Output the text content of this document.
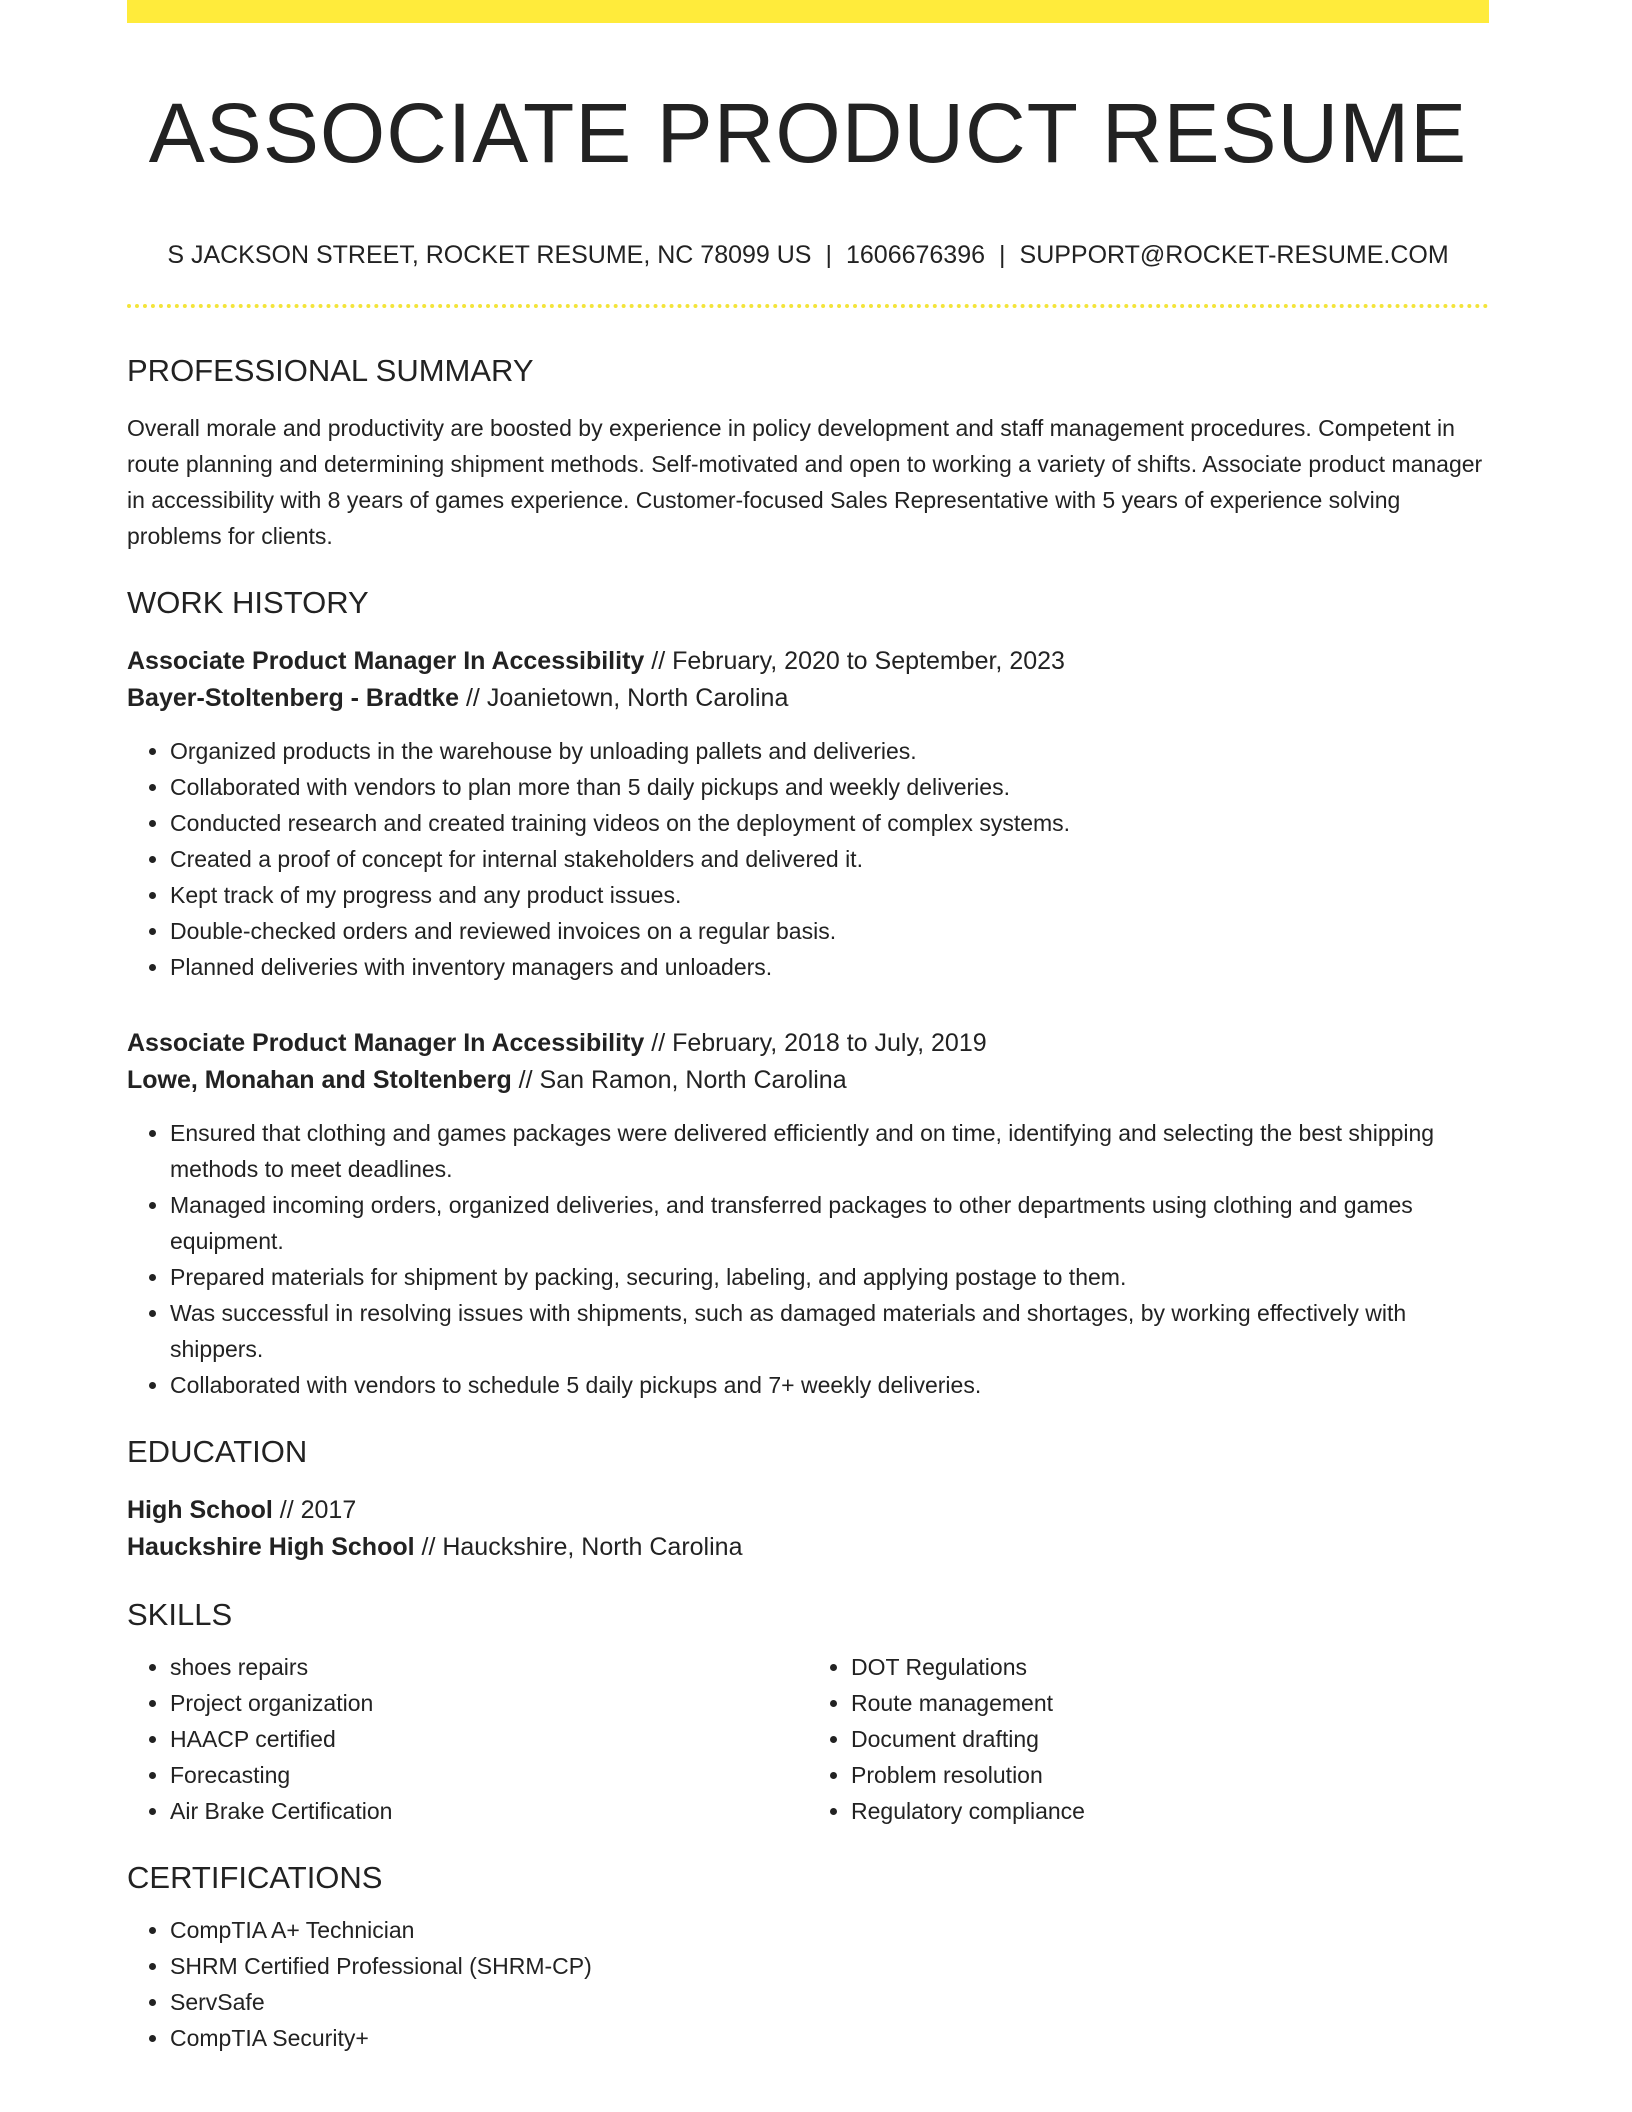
ASSOCIATE PRODUCT RESUME
S JACKSON STREET, ROCKET RESUME, NC 78099 US | 1606676396 | SUPPORT@ROCKET-RESUME.COM
PROFESSIONAL SUMMARY

Overall morale and productivity are boosted by experience in policy development and staff management procedures. Competent in route planning and determining shipment methods. Self-motivated and open to working a variety of shifts. Associate product manager in accessibility with 8 years of games experience. Customer-focused Sales Representative with 5 years of experience solving problems for clients.

WORK HISTORY
Associate Product Manager In Accessibility // February, 2020 to September, 2023
Bayer-Stoltenberg - Bradtke // Joanietown, North Carolina
• Organized products in the warehouse by unloading pallets and deliveries.
• Collaborated with vendors to plan more than 5 daily pickups and weekly deliveries.
• Conducted research and created training videos on the deployment of complex systems.
• Created a proof of concept for internal stakeholders and delivered it.
• Kept track of my progress and any product issues.
• Double-checked orders and reviewed invoices on a regular basis.
• Planned deliveries with inventory managers and unloaders.
Associate Product Manager In Accessibility // February, 2018 to July, 2019
Lowe, Monahan and Stoltenberg // San Ramon, North Carolina
• Ensured that clothing and games packages were delivered efficiently and on time, identifying and selecting the best shipping methods to meet deadlines.
• Managed incoming orders, organized deliveries, and transferred packages to other departments using clothing and games equipment.
• Prepared materials for shipment by packing, securing, labeling, and applying postage to them.
• Was successful in resolving issues with shipments, such as damaged materials and shortages, by working effectively with shippers.
• Collaborated with vendors to schedule 5 daily pickups and 7+ weekly deliveries.
EDUCATION
High School // 2017
Hauckshire High School // Hauckshire, North Carolina
SKILLS
• shoes repairs
• Project organization
• HAACP certified
• Forecasting
• Air Brake Certification
• DOT Regulations
• Route management
• Document drafting
• Problem resolution
• Regulatory compliance
CERTIFICATIONS
• CompTIA A+ Technician
• SHRM Certified Professional (SHRM-CP)
• ServSafe
• CompTIA Security+
